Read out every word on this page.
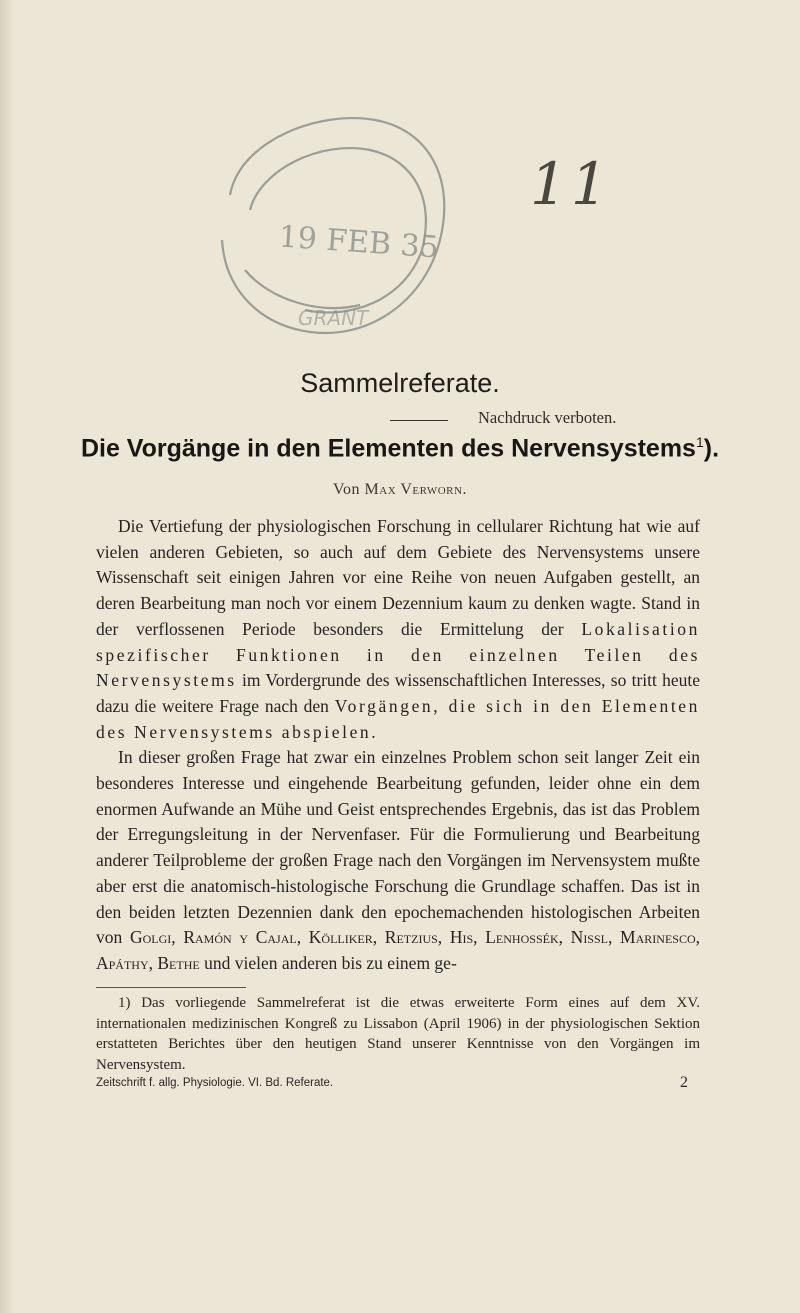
19 FEB 35
GRANT
11
Sammelreferate.
Nachdruck verboten.
Die Vorgänge in den Elementen des Nervensystems$^1$).
Von Max Verworn.

Die Vertiefung der physiologischen Forschung in cellularer Richtung hat wie auf vielen anderen Gebieten, so auch auf dem Gebiete des Nervensystems unsere Wissenschaft seit einigen Jahren vor eine Reihe von neuen Aufgaben gestellt, an deren Bearbeitung man noch vor einem Dezennium kaum zu denken wagte. Stand in der verflossenen Periode besonders die Ermittelung der Lokalisation spezifischer Funktionen in den einzelnen Teilen des Nervensystems im Vordergrunde des wissenschaftlichen Interesses, so tritt heute dazu die weitere Frage nach den Vorgängen, die sich in den Elementen des Nervensystems abspielen.

In dieser großen Frage hat zwar ein einzelnes Problem schon seit langer Zeit ein besonderes Interesse und eingehende Bearbeitung gefunden, leider ohne ein dem enormen Aufwande an Mühe und Geist entsprechendes Ergebnis, das ist das Problem der Erregungsleitung in der Nervenfaser. Für die Formulierung und Bearbeitung anderer Teilprobleme der großen Frage nach den Vorgängen im Nervensystem mußte aber erst die anatomisch-histologische Forschung die Grundlage schaffen. Das ist in den beiden letzten Dezennien dank den epochemachenden histologischen Arbeiten von Golgi, Ramón y Cajal, Kölliker, Retzius, His, Lenhossék, Nissl, Marinesco, Apáthy, Bethe und vielen anderen bis zu einem ge-

1) Das vorliegende Sammelreferat ist die etwas erweiterte Form eines auf dem XV. internationalen medizinischen Kongreß zu Lissabon (April 1906) in der physiologischen Sektion erstatteten Berichtes über den heutigen Stand unserer Kenntnisse von den Vorgängen im Nervensystem.

Zeitschrift f. allg. Physiologie. VI. Bd. Referate.	2
